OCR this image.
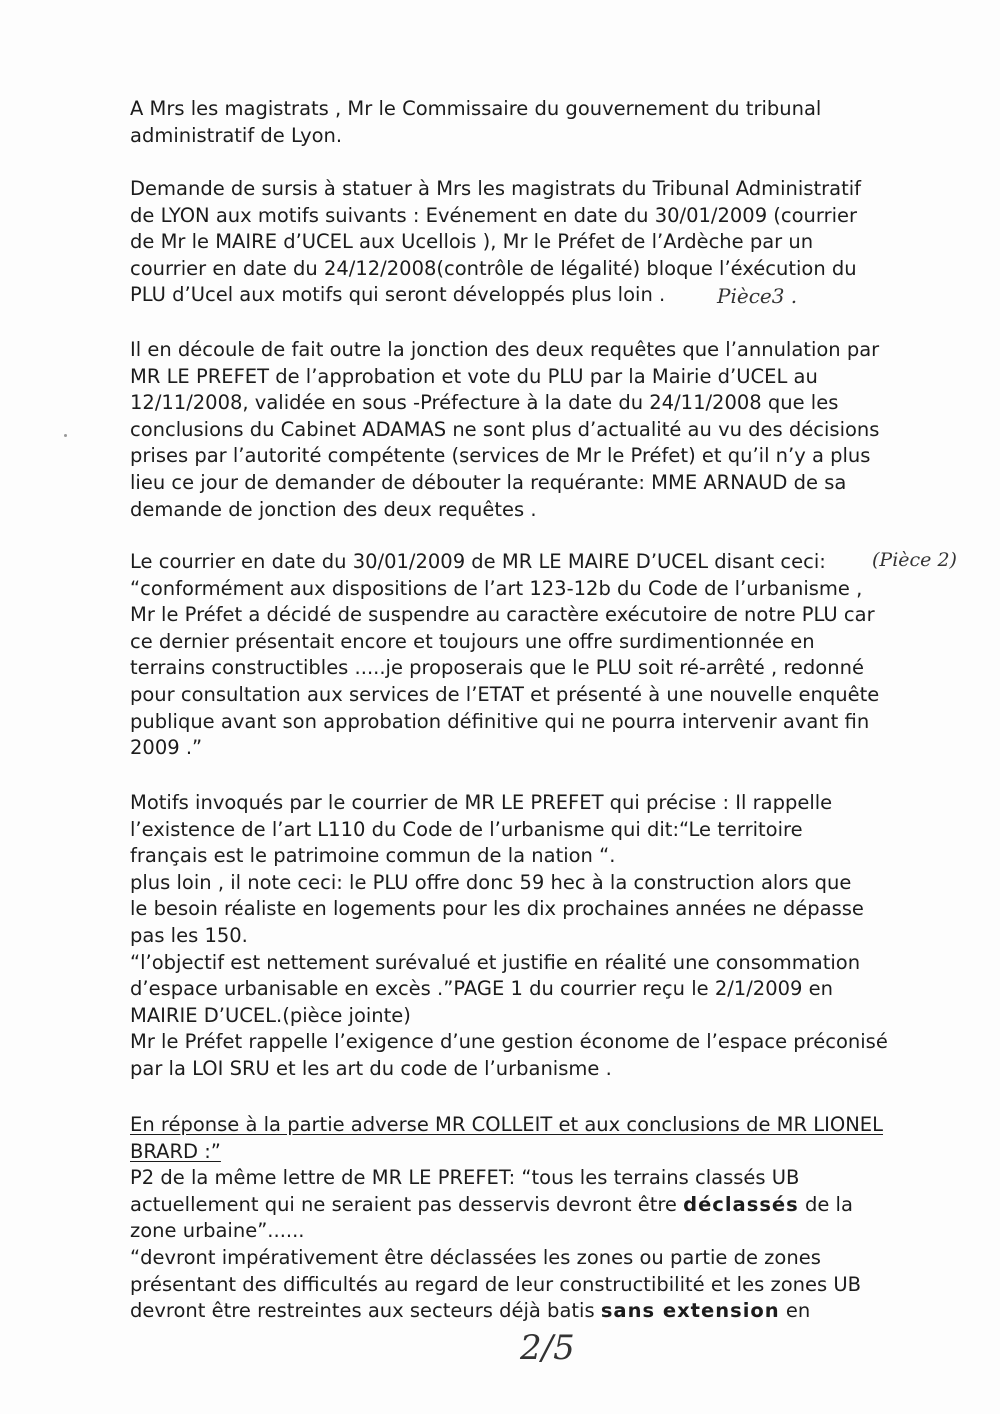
A Mrs les magistrats , Mr le Commissaire du gouvernement du tribunal
administratif de Lyon.
Demande de sursis à statuer à Mrs les magistrats du Tribunal Administratif
de LYON aux motifs suivants : Evénement en date du 30/01/2009 (courrier
de Mr le MAIRE d’UCEL aux Ucellois ), Mr le Préfet de l’Ardèche par un
courrier en date du 24/12/2008(contrôle de légalité) bloque l’éxécution du
PLU d’Ucel aux motifs qui seront développés plus loin .	Pièce3 .
Il en découle de fait outre la jonction des deux requêtes que l’annulation par
MR LE PREFET de l’approbation et vote du PLU par la Mairie d’UCEL au
12/11/2008, validée en sous -Préfecture à la date du 24/11/2008 que les
conclusions du Cabinet ADAMAS ne sont plus d’actualité au vu des décisions
prises par l’autorité compétente (services de Mr le Préfet) et qu’il n’y a plus
lieu ce jour de demander de débouter la requérante: MME ARNAUD de sa
demande de jonction des deux requêtes .
Le courrier en date du 30/01/2009 de MR LE MAIRE D’UCEL disant ceci:
“conformément aux dispositions de l’art 123-12b du Code de l’urbanisme ,
Mr le Préfet a décidé de suspendre au caractère exécutoire de notre PLU car
ce dernier présentait encore et toujours une offre surdimentionnée en
terrains constructibles .....je proposerais que le PLU soit ré-arrêté , redonné
pour consultation aux services de l’ETAT et présenté à une nouvelle enquête
publique avant son approbation définitive qui ne pourra intervenir avant fin
2009 .”
(Pièce 2)
Motifs invoqués par le courrier de MR LE PREFET qui précise : Il rappelle
l’existence de l’art L110 du Code de l’urbanisme qui dit:“Le territoire
français est le patrimoine commun de la nation “.
plus loin , il note ceci: le PLU offre donc 59 hec à la construction alors que
le besoin réaliste en logements pour les dix prochaines années ne dépasse
pas les 150.
“l’objectif est nettement surévalué et justifie en réalité une consommation
d’espace urbanisable en excès .”PAGE 1 du courrier reçu le 2/1/2009 en
MAIRIE D’UCEL.(pièce jointe)
Mr le Préfet rappelle l’exigence d’une gestion économe de l’espace préconisé
par la LOI SRU et les art du code de l’urbanisme .
En réponse à la partie adverse MR COLLEIT et aux conclusions de MR LIONEL
BRARD :”
P2 de la même lettre de MR LE PREFET: “tous les terrains classés UB
actuellement qui ne seraient pas desservis devront être déclassés de la
zone urbaine”......
“devront impérativement être déclassées les zones ou partie de zones
présentant des difficultés au regard de leur constructibilité et les zones UB
devront être restreintes aux secteurs déjà batis sans extension en
2/5
